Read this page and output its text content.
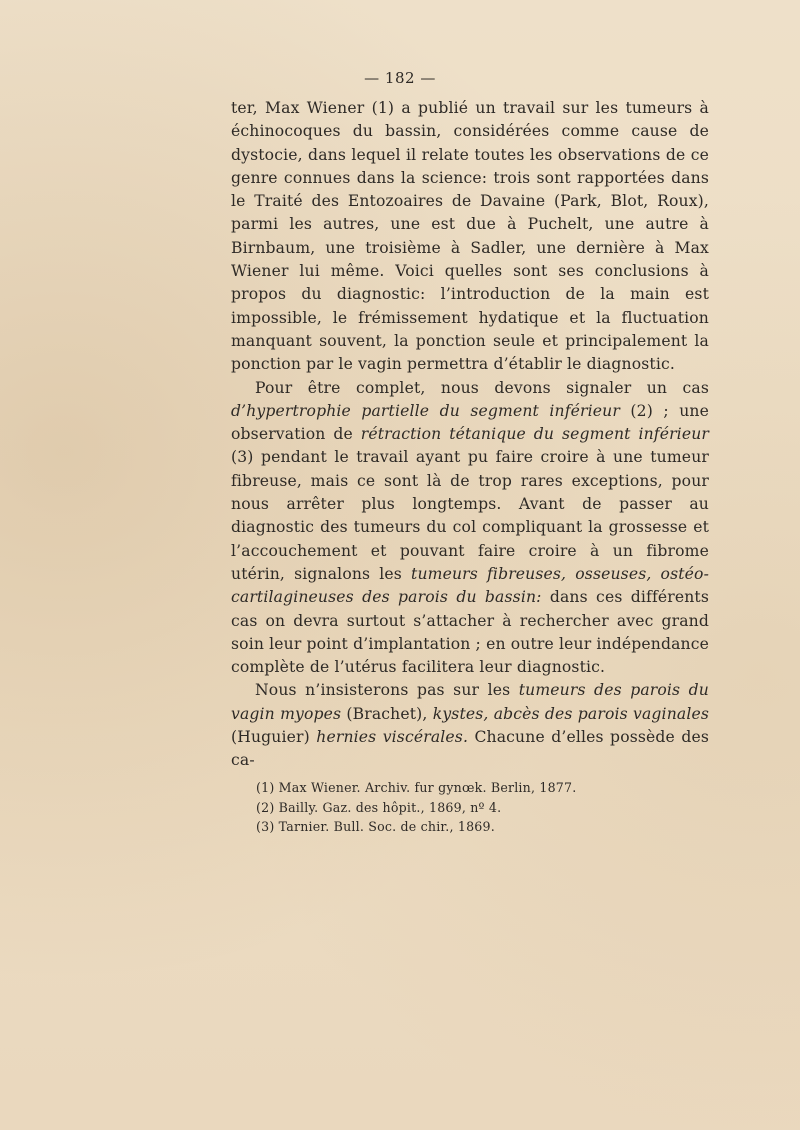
— 182 —

ter, Max Wiener (1) a publié un travail sur les tumeurs à échinocoques du bassin, considérées comme cause de dystocie, dans lequel il relate toutes les observations de ce genre connues dans la science: trois sont rapportées dans le Traité des Entozoaires de Davaine (Park, Blot, Roux), parmi les autres, une est due à Puchelt, une autre à Birnbaum, une troisième à Sadler, une dernière à Max Wiener lui même. Voici quelles sont ses conclusions à propos du diagnostic: l’introduction de la main est impossible, le frémissement hydatique et la fluctuation manquant souvent, la ponction seule et principalement la ponction par le vagin permettra d’établir le diagnostic.

Pour être complet, nous devons signaler un cas d’hypertrophie partielle du segment inférieur (2) ; une observation de rétraction tétanique du segment inférieur (3) pendant le travail ayant pu faire croire à une tumeur fibreuse, mais ce sont là de trop rares exceptions, pour nous arrêter plus longtemps. Avant de passer au diagnostic des tumeurs du col compliquant la grossesse et l’accouchement et pouvant faire croire à un fibrome utérin, signalons les tumeurs fibreuses, osseuses, ostéo-cartilagineuses des parois du bassin: dans ces différents cas on devra surtout s’attacher à rechercher avec grand soin leur point d’implantation ; en outre leur indépendance complète de l’utérus facilitera leur diagnostic.

Nous n’insisterons pas sur les tumeurs des parois du vagin myopes (Brachet), kystes, abcès des parois vaginales (Huguier) hernies viscérales. Chacune d’elles possède des ca-

(1) Max Wiener. Archiv. fur gynœk. Berlin, 1877.
(2) Bailly. Gaz. des hôpit., 1869, nº 4.
(3) Tarnier. Bull. Soc. de chir., 1869.
